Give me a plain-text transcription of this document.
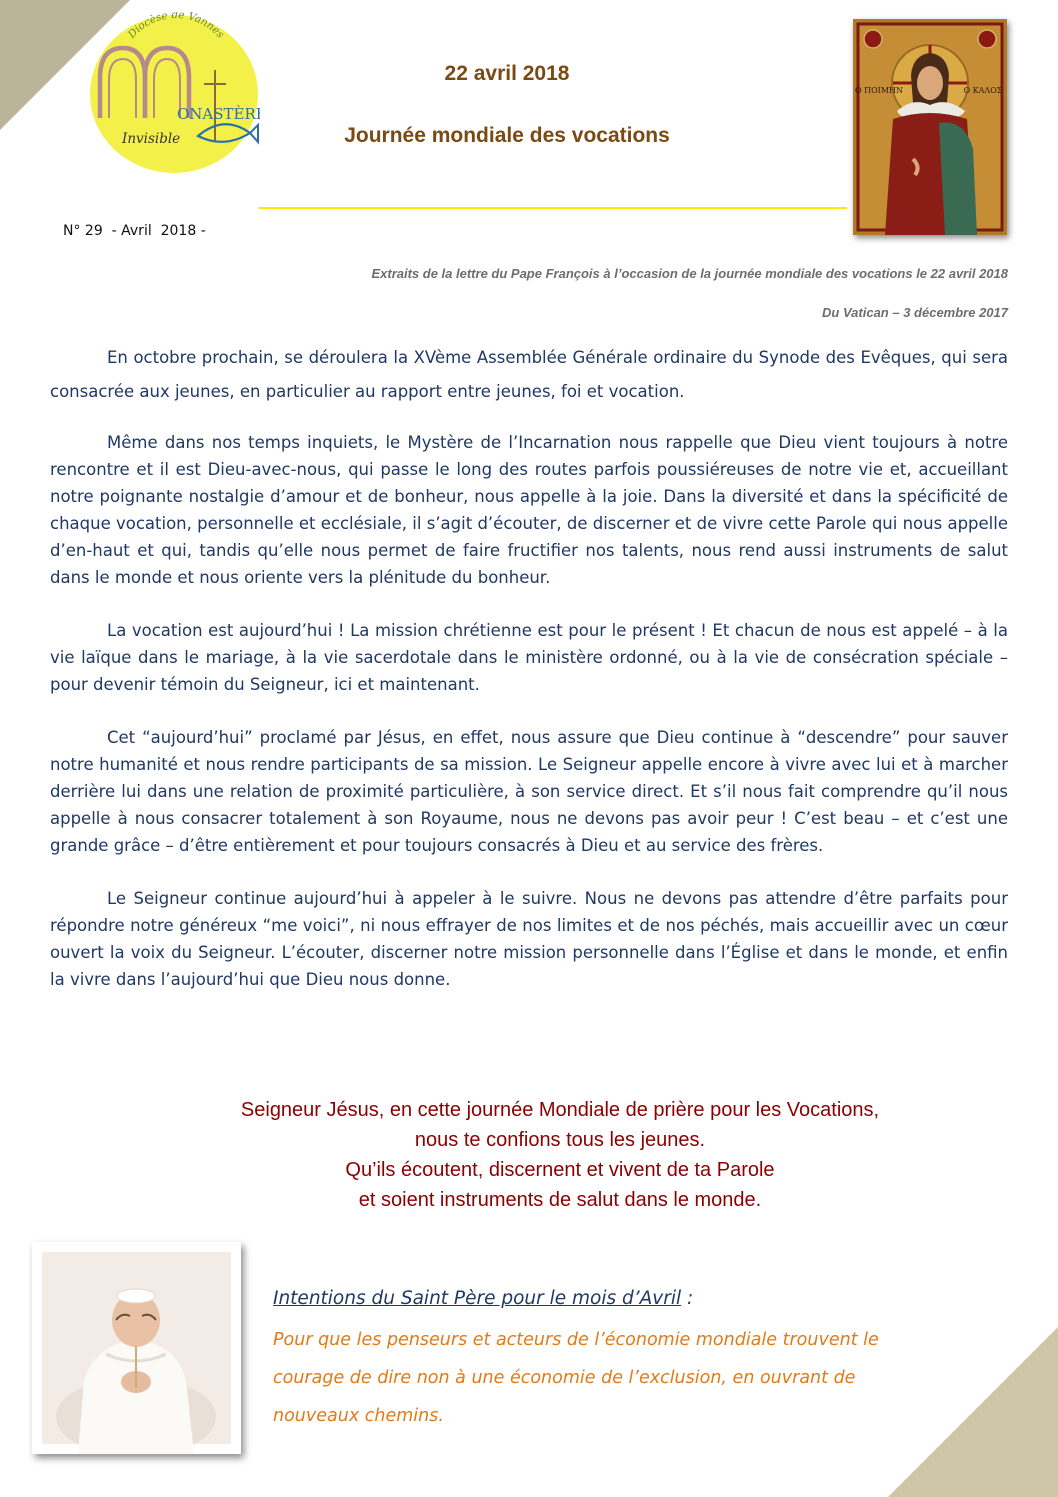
Diocèse de Vannes
ONASTÈRE
Invisible
22 avril 2018
Journée mondiale des vocations
Ο ΠΟΙΜΗΝ	Ο ΚΑΛΟΣ
N° 29  - Avril  2018 -
Extraits de la lettre du Pape François à l’occasion de la journée mondiale des vocations le 22 avril 2018
Du Vatican – 3 décembre 2017

En octobre prochain, se déroulera la XVème Assemblée Générale ordinaire du Synode des Evêques, qui sera consacrée aux jeunes, en particulier au rapport entre jeunes, foi et vocation.

Même dans nos temps inquiets, le Mystère de l’Incarnation nous rappelle que Dieu vient toujours à notre rencontre et il est Dieu-avec-nous, qui passe le long des routes parfois poussiéreuses de notre vie et, accueillant notre poignante nostalgie d’amour et de bonheur, nous appelle à la joie. Dans la diversité et dans la spécificité de chaque vocation, personnelle et ecclésiale, il s’agit d’écouter, de discerner et de vivre cette Parole qui nous appelle d’en-haut et qui, tandis qu’elle nous permet de faire fructifier nos talents, nous rend aussi instruments de salut dans le monde et nous oriente vers la plénitude du bonheur.

La vocation est aujourd’hui ! La mission chrétienne est pour le présent ! Et chacun de nous est appelé – à la vie laïque dans le mariage, à la vie sacerdotale dans le ministère ordonné, ou à la vie de consécration spéciale – pour devenir témoin du Seigneur, ici et maintenant.

Cet “aujourd’hui” proclamé par Jésus, en effet, nous assure que Dieu continue à “descendre” pour sauver notre humanité et nous rendre participants de sa mission. Le Seigneur appelle encore à vivre avec lui et à marcher derrière lui dans une relation de proximité particulière, à son service direct. Et s’il nous fait comprendre qu’il nous appelle à nous consacrer totalement à son Royaume, nous ne devons pas avoir peur ! C’est beau – et c’est une grande grâce – d’être entièrement et pour toujours consacrés à Dieu et au service des frères.

Le Seigneur continue aujourd’hui à appeler à le suivre. Nous ne devons pas attendre d’être parfaits pour répondre notre généreux “me voici”, ni nous effrayer de nos limites et de nos péchés, mais accueillir avec un cœur ouvert la voix du Seigneur. L’écouter, discerner notre mission personnelle dans l’Église et dans le monde, et enfin la vivre dans l’aujourd’hui que Dieu nous donne.

Seigneur Jésus, en cette journée Mondiale de prière pour les Vocations,
nous te confions tous les jeunes.
Qu’ils écoutent, discernent et vivent de ta Parole
et soient instruments de salut dans le monde.
Intentions du Saint Père pour le mois d’Avril :
Pour que les penseurs et acteurs de l’économie mondiale trouvent le courage de dire non à une économie de l’exclusion, en ouvrant de nouveaux chemins.
